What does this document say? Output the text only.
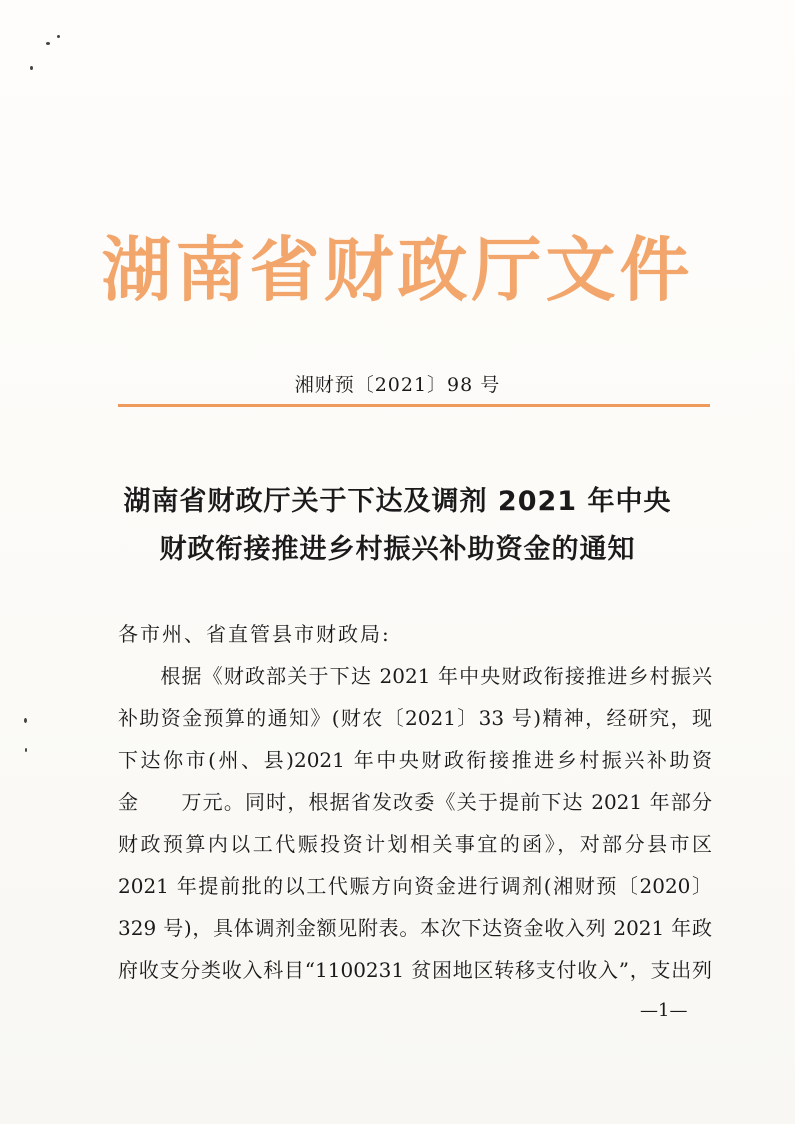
湖南省财政厅文件
湘财预〔2021〕98 号
湖南省财政厅关于下达及调剂 2021 年中央
财政衔接推进乡村振兴补助资金的通知
各市州、省直管县市财政局:
　　根据《财政部关于下达 2021 年中央财政衔接推进乡村振兴
补助资金预算的通知》(财农〔2021〕33 号)精神，经研究，现
下达你市(州、县)2021 年中央财政衔接推进乡村振兴补助资
金　　万元。同时，根据省发改委《关于提前下达 2021 年部分
财政预算内以工代赈投资计划相关事宜的函》，对部分县市区
2021 年提前批的以工代赈方向资金进行调剂(湘财预〔2020〕
329 号)，具体调剂金额见附表。本次下达资金收入列 2021 年政
府收支分类收入科目“1100231 贫困地区转移支付收入”，支出列
—1—
